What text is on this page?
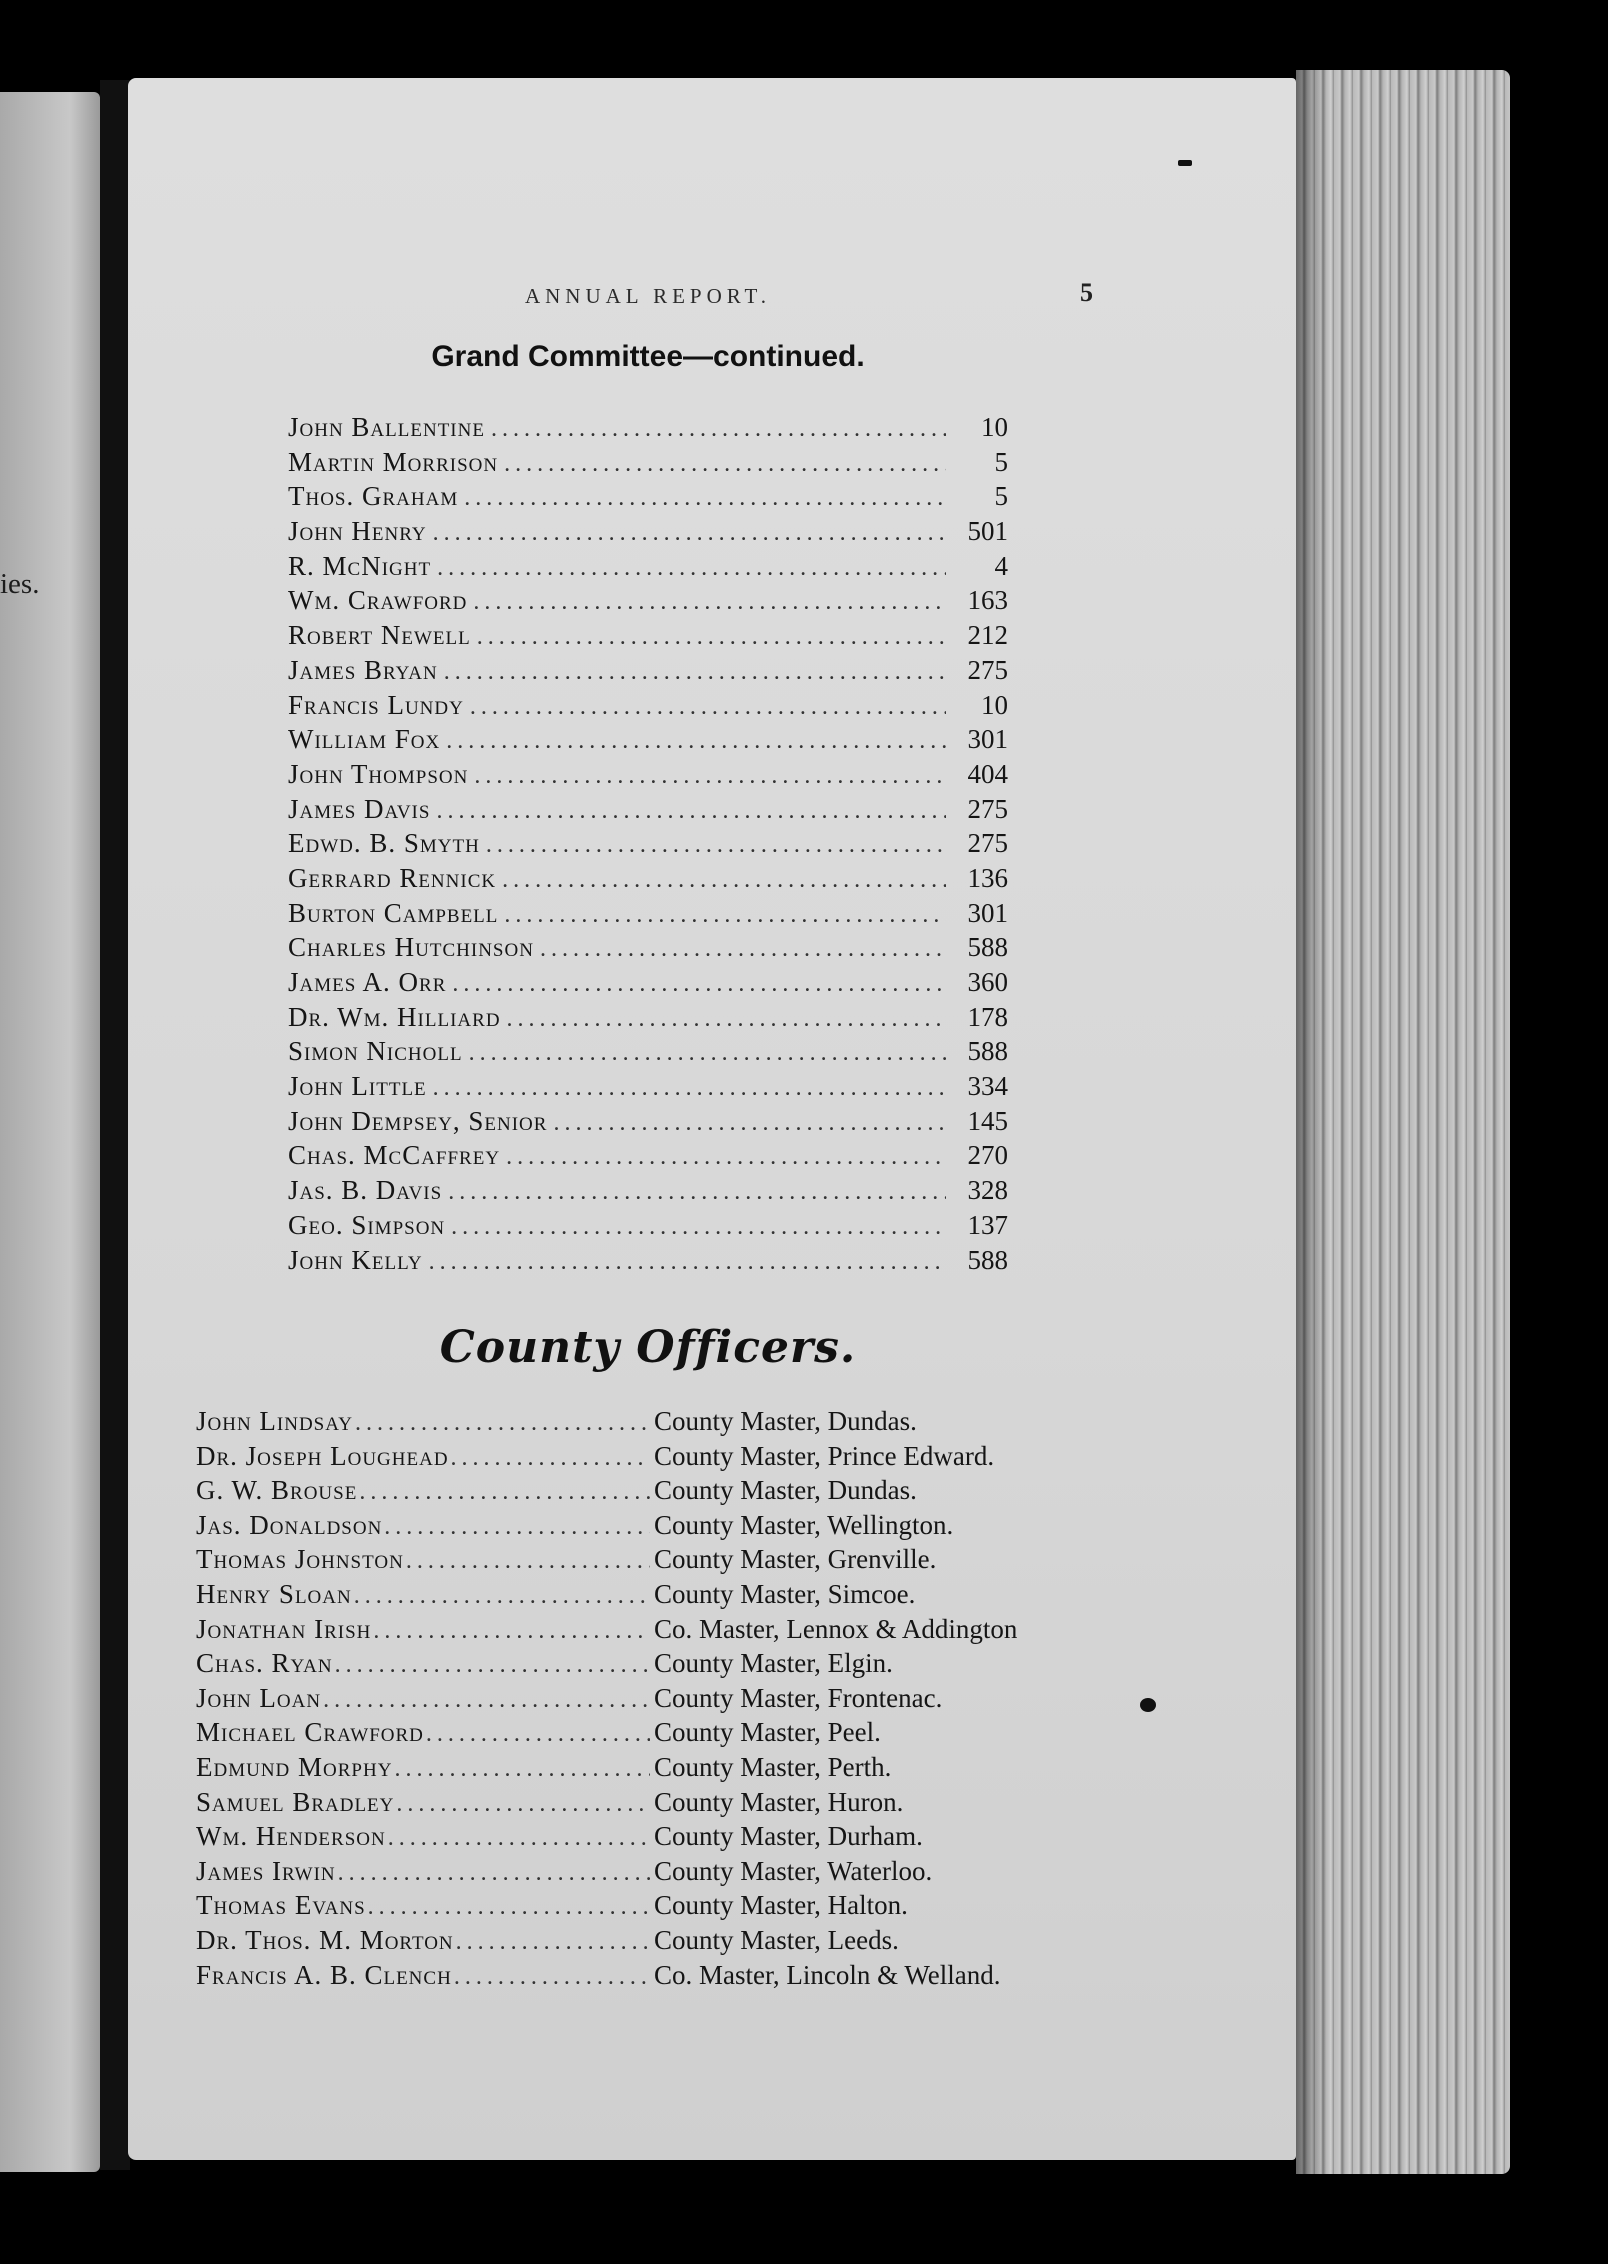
ies.
ANNUAL REPORT.	5
Grand Committee—continued.
John Ballentine .....	10
Martin Morrison .....	5
Thos. Graham .....	5
John Henry .....	501
R. McNight .....	4
Wm. Crawford .....	163
Robert Newell .....	212
James Bryan .....	275
Francis Lundy .....	10
William Fox .....	301
John Thompson .....	404
James Davis .....	275
Edwd. B. Smyth .....	275
Gerrard Rennick .....	136
Burton Campbell .....	301
Charles Hutchinson .....	588
James A. Orr .....	360
Dr. Wm. Hilliard .....	178
Simon Nicholl .....	588
John Little .....	334
John Dempsey, Senior .....	145
Chas. McCaffrey .....	270
Jas. B. Davis .....	328
Geo. Simpson .....	137
John Kelly .....	588
County Officers.
John Lindsay .....	County Master, Dundas.
Dr. Joseph Loughead .....	County Master, Prince Edward.
G. W. Brouse .....	County Master, Dundas.
Jas. Donaldson .....	County Master, Wellington.
Thomas Johnston .....	County Master, Grenville.
Henry Sloan .....	County Master, Simcoe.
Jonathan Irish .....	Co. Master, Lennox & Addington
Chas. Ryan .....	County Master, Elgin.
John Loan .....	County Master, Frontenac.
Michael Crawford .....	County Master, Peel.
Edmund Morphy .....	County Master, Perth.
Samuel Bradley .....	County Master, Huron.
Wm. Henderson .....	County Master, Durham.
James Irwin .....	County Master, Waterloo.
Thomas Evans .....	County Master, Halton.
Dr. Thos. M. Morton .....	County Master, Leeds.
Francis A. B. Clench .....	Co. Master, Lincoln & Welland.
